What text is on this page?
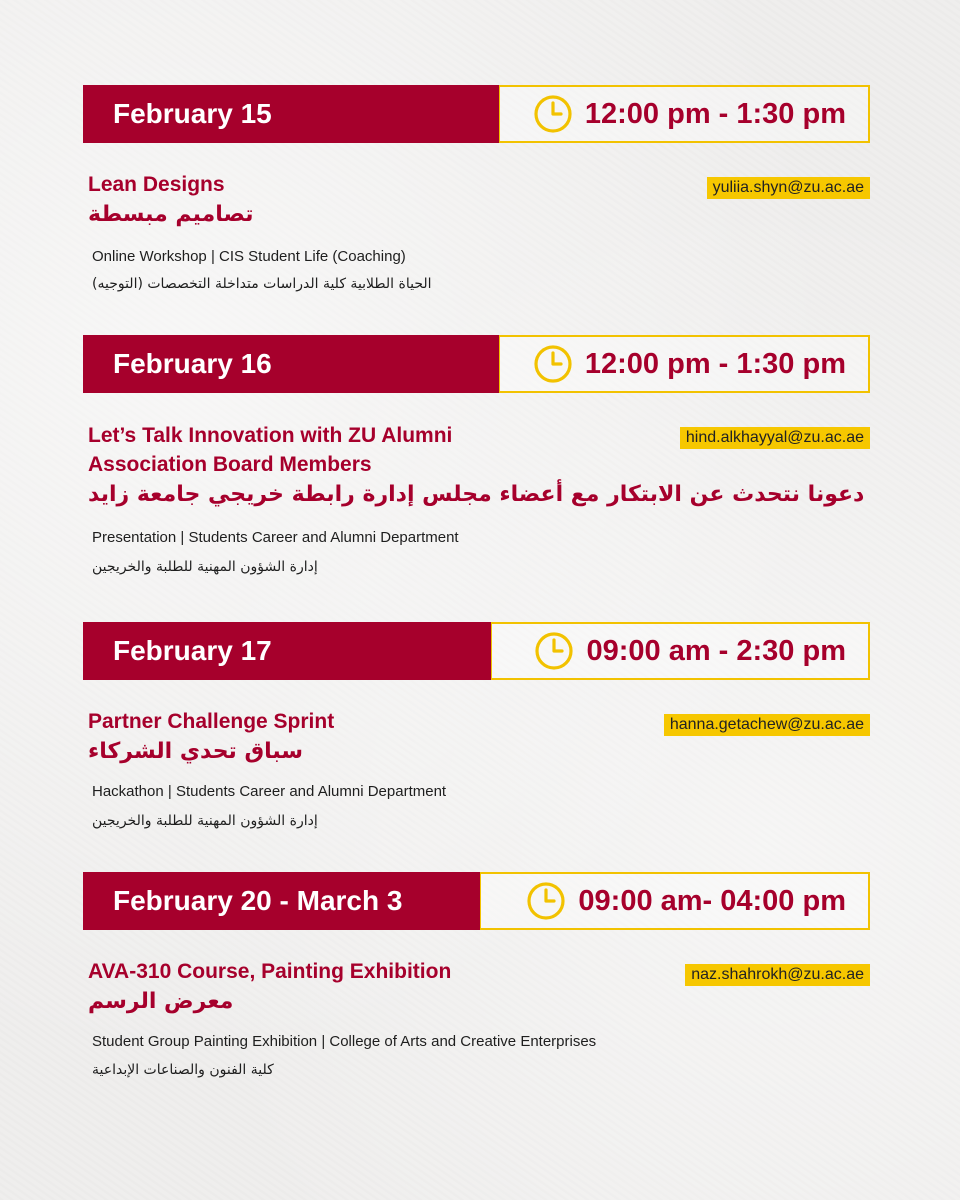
12:00 pm - 1:30 pm
February 15
Lean Designs
تصاميم مبسطة
yuliia.shyn@zu.ac.ae
Online Workshop | CIS Student Life (Coaching)
الحياة الطلابية كلية الدراسات متداخلة التخصصات (التوجيه)
12:00 pm - 1:30 pm
February 16
Let’s Talk Innovation with ZU Alumni
Association Board Members
دعونا نتحدث عن الابتكار مع أعضاء مجلس إدارة رابطة خريجي جامعة زايد
hind.alkhayyal@zu.ac.ae
Presentation | Students Career and Alumni Department
إدارة الشؤون المهنية للطلبة والخريجين
09:00 am - 2:30 pm
February 17
Partner Challenge Sprint
سباق تحدي الشركاء
hanna.getachew@zu.ac.ae
Hackathon | Students Career and Alumni Department
إدارة الشؤون المهنية للطلبة والخريجين
09:00 am- 04:00 pm
February 20 - March 3
AVA-310 Course, Painting Exhibition
معرض الرسم
naz.shahrokh@zu.ac.ae
Student Group Painting Exhibition | College of Arts and Creative Enterprises
كلية الفنون والصناعات الإبداعية
